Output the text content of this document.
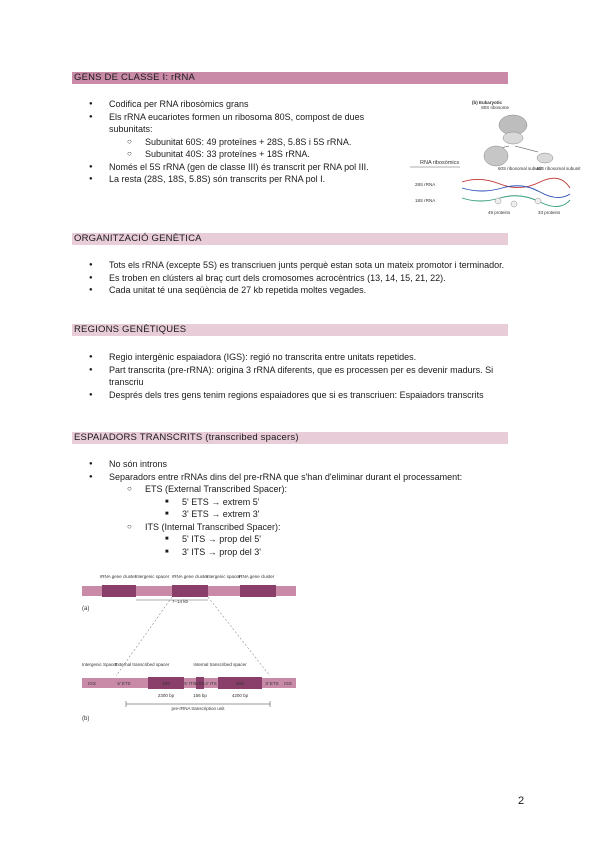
GENS DE CLASSE I: rRNA
● Codifica per RNA ribosòmics grans
● Els rRNA eucariotes formen un ribosoma 80S, compost de dues subunitats:
○ Subunitat 60S: 49 proteïnes + 28S, 5.8S i 5S rRNA.
○ Subunitat 40S: 33 proteïnes + 18S rRNA.
● Només el 5S rRNA (gen de classe III) és transcrit per RNA pol III.
● La resta (28S, 18S, 5.8S) són transcrits per RNA pol I.
(b) Eukaryotic
80S ribosome
60S ribosomal subunit
40S ribosomal subunit
RNA ribosòmics
28S rRNA
18S rRNA
49 proteins	33 proteins
ORGANITZACIÓ GENÈTICA
● Tots els rRNA (excepte 5S) es transcriuen junts perquè estan sota un mateix promotor i terminador.
● Es troben en clústers al braç curt dels cromosomes acrocèntrics (13, 14, 15, 21, 22).
● Cada unitat té una seqüència de 27 kb repetida moltes vegades.
REGIONS GENÈTIQUES
● Regio intergènic espaiadora (IGS): regió no transcrita entre unitats repetides.
● Part transcrita (pre-rRNA): origina 3 rRNA diferents, que es processen per es devenir madurs. Si transcriu
● Després dels tres gens tenim regions espaiadores que si es transcriuen: Espaiadors transcrits
ESPAIADORS TRANSCRITS (transcribed spacers)
● No són introns
● Separadors entre rRNAs dins del pre-rRNA que s'han d'eliminar durant el processament:
○ ETS (External Transcribed Spacer):
■ 5' ETS → extrem 5'
■ 3' ETS → extrem 3'
○ ITS (Internal Transcribed Spacer):
■ 5' ITS → prop del 5'
■ 3' ITS → prop del 3'
rRNA gene cluster
Intergenic spacer rRNA gene cluster
Intergenic spacer
rRNA gene cluster
(a)
7–14 kb
Intergenic Spacer
External transcribed spacer	Internal transcribed spacer
IGS	5' ETS	18S	5' ITS 5.8S 3' ITS	28S	3' ETS IGS
2300 bp	156 bp	4200 bp
pre-rRNA transcription unit
(b)
2
